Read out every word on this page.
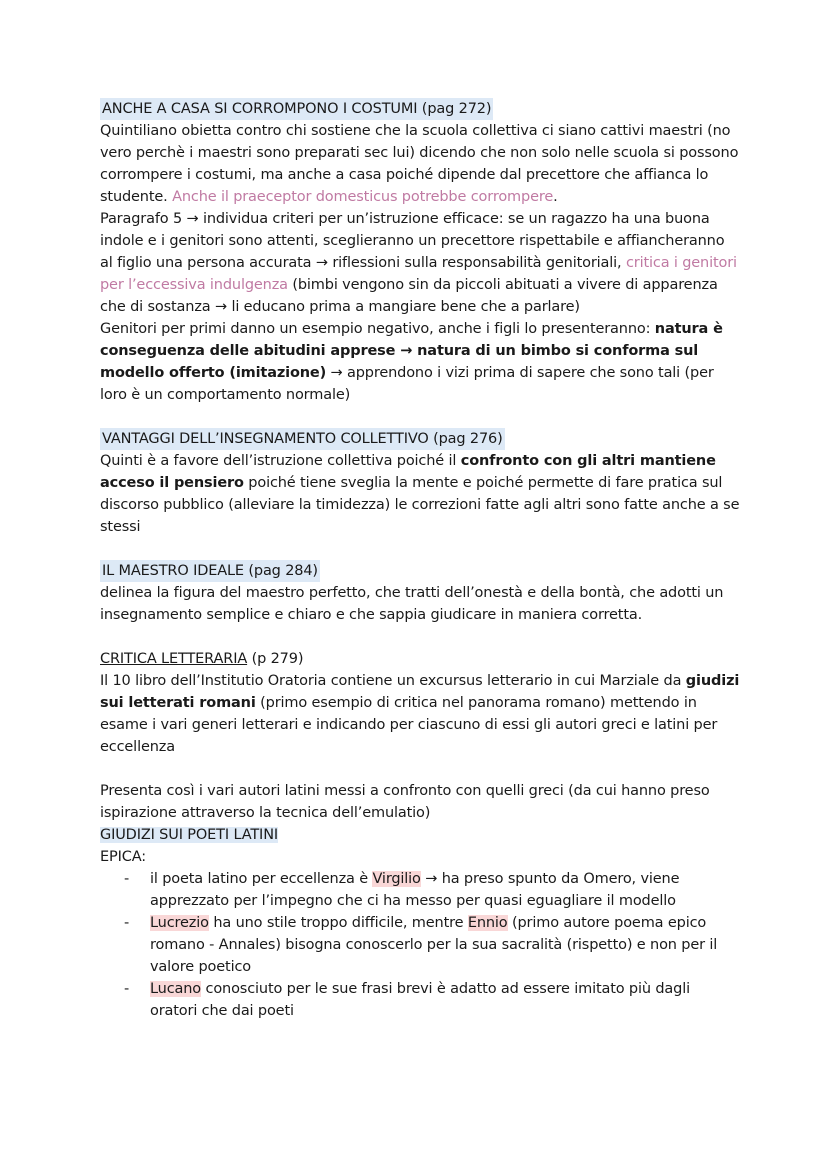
ANCHE A CASA SI CORROMPONO I COSTUMI (pag 272)

Quintiliano obietta contro chi sostiene che la scuola collettiva ci siano cattivi maestri (no vero perchè i maestri sono preparati sec lui) dicendo che non solo nelle scuola si possono corrompere i costumi, ma anche a casa poiché dipende dal precettore che affianca lo studente. Anche il praeceptor domesticus potrebbe corrompere.

Paragrafo 5 → individua criteri per un’istruzione efficace: se un ragazzo ha una buona indole e i genitori sono attenti, sceglieranno un precettore rispettabile e affiancheranno al figlio una persona accurata → riflessioni sulla responsabilità genitoriali, critica i genitori per l’eccessiva indulgenza (bimbi vengono sin da piccoli abituati a vivere di apparenza che di sostanza → li educano prima a mangiare bene che a parlare)

Genitori per primi danno un esempio negativo, anche i figli lo presenteranno: natura è conseguenza delle abitudini apprese → natura di un bimbo si conforma sul modello offerto (imitazione) → apprendono i vizi prima di sapere che sono tali (per loro è un comportamento normale)

VANTAGGI DELL’INSEGNAMENTO COLLETTIVO (pag 276)

Quinti è a favore dell’istruzione collettiva poiché il confronto con gli altri mantiene acceso il pensiero poiché tiene sveglia la mente e poiché permette di fare pratica sul discorso pubblico (alleviare la timidezza) le correzioni fatte agli altri sono fatte anche a se stessi

IL MAESTRO IDEALE (pag 284)

delinea la figura del maestro perfetto, che tratti dell’onestà e della bontà, che adotti un insegnamento semplice e chiaro e che sappia giudicare in maniera corretta.

CRITICA LETTERARIA (p 279)

Il 10 libro dell’Institutio Oratoria contiene un excursus letterario in cui Marziale da giudizi sui letterati romani (primo esempio di critica nel panorama romano) mettendo in esame i vari generi letterari e indicando per ciascuno di essi gli autori greci e latini per eccellenza

Presenta così i vari autori latini messi a confronto con quelli greci (da cui hanno preso ispirazione attraverso la tecnica dell’emulatio)

GIUDIZI SUI POETI LATINI

EPICA:

- il poeta latino per eccellenza è Virgilio → ha preso spunto da Omero, viene apprezzato per l’impegno che ci ha messo per quasi eguagliare il modello
- Lucrezio ha uno stile troppo difficile, mentre Ennio (primo autore poema epico romano - Annales) bisogna conoscerlo per la sua sacralità (rispetto) e non per il valore poetico
- Lucano conosciuto per le sue frasi brevi è adatto ad essere imitato più dagli oratori che dai poeti
